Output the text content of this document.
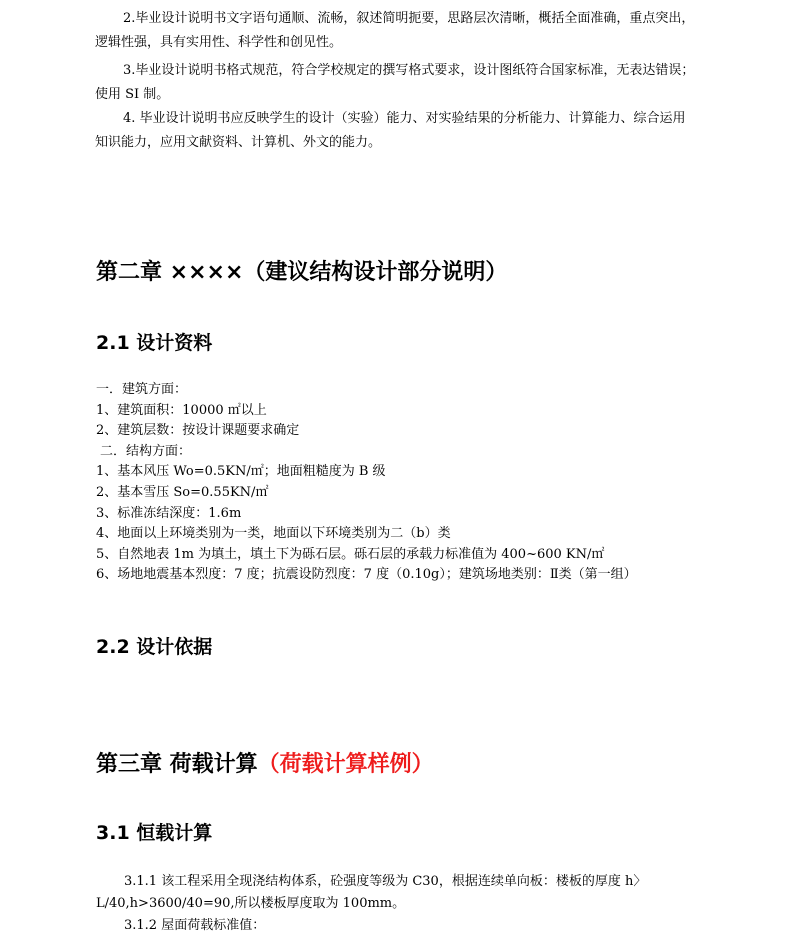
2.毕业设计说明书文字语句通顺、流畅，叙述简明扼要，思路层次清晰，概括全面准确，重点突出，逻辑性强，具有实用性、科学性和创见性。

3.毕业设计说明书格式规范，符合学校规定的撰写格式要求，设计图纸符合国家标准，无表达错误；使用 SI 制。

4. 毕业设计说明书应反映学生的设计（实验）能力、对实验结果的分析能力、计算能力、综合运用知识能力，应用文献资料、计算机、外文的能力。

第二章 ××××（建议结构设计部分说明）
2.1 设计资料
一．建筑方面：
1、建筑面积：10000 ㎡以上
2、建筑层数：按设计课题要求确定
二．结构方面：
1、基本风压 Wo=0.5KN/㎡；地面粗糙度为 B 级
2、基本雪压 So=0.55KN/㎡
3、标准冻结深度：1.6m
4、地面以上环境类别为一类，地面以下环境类别为二（b）类
5、自然地表 1m 为填土，填土下为砾石层。砾石层的承载力标准值为 400~600 KN/㎡
6、场地地震基本烈度：7 度；抗震设防烈度：7 度（0.10g）；建筑场地类别：Ⅱ类（第一组）
2.2 设计依据
第三章 荷载计算（荷载计算样例）
3.1 恒载计算

3.1.1 该工程采用全现浇结构体系，砼强度等级为 C30，根据连续单向板：楼板的厚度 h〉L/40,h>3600/40=90,所以楼板厚度取为 100mm。

3.1.2 屋面荷载标准值：
